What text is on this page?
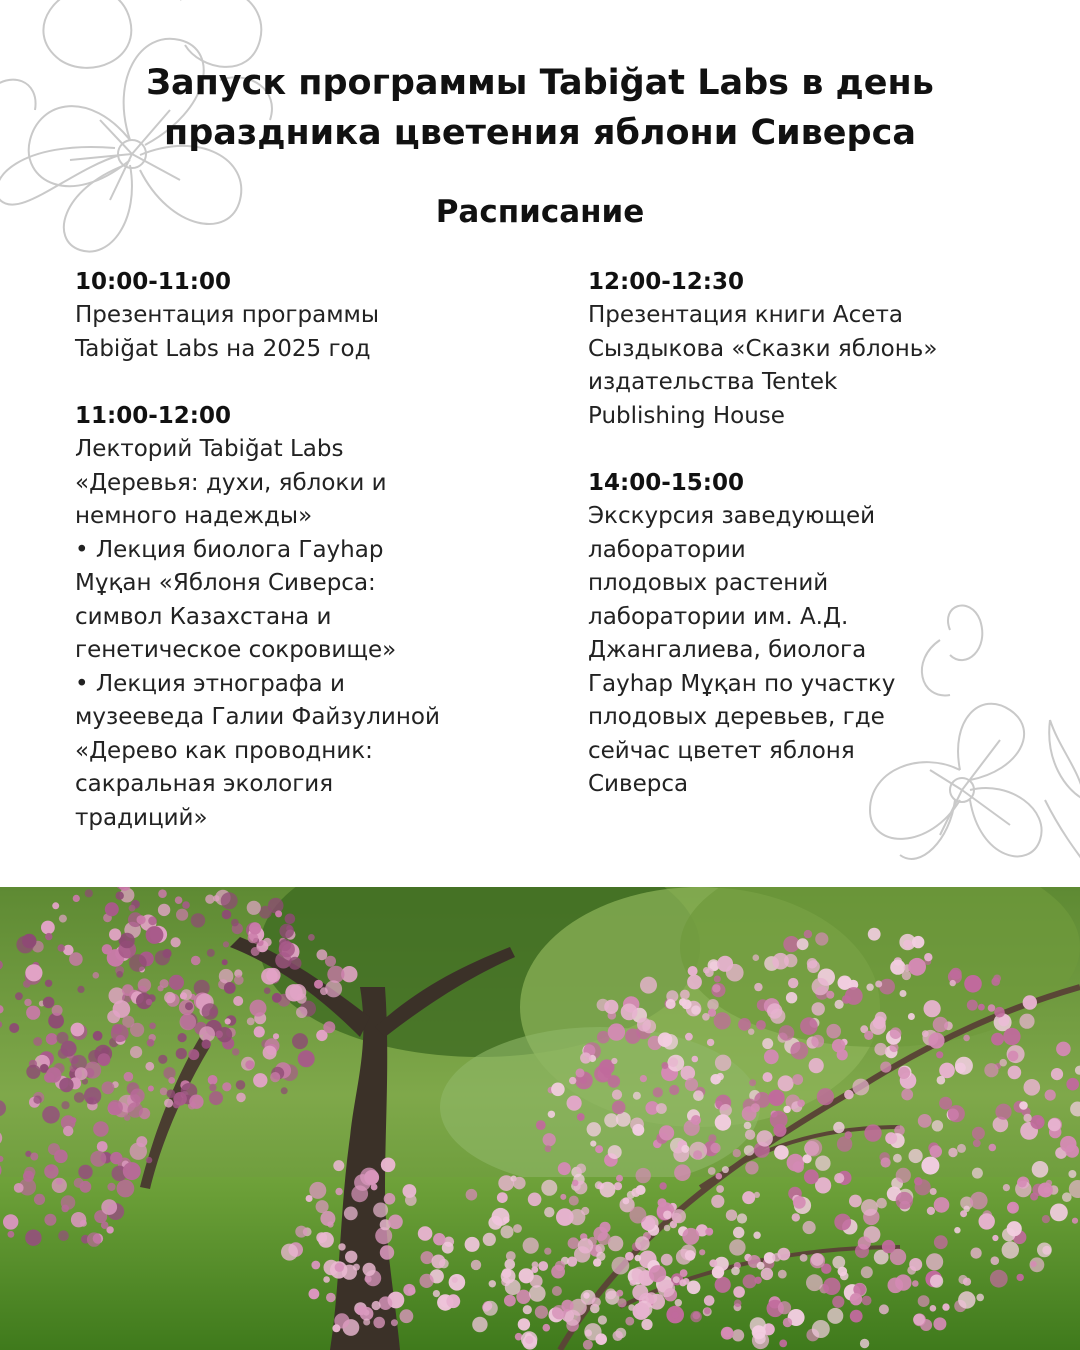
Запуск программы Tabiğat Labs в день
праздника цветения яблони Сиверса
Расписание
10:00-11:00
Презентация программы
Tabiğat Labs на 2025 год
11:00-12:00
Лекторий Tabiğat Labs
«Деревья: духи, яблоки и
немного надежды»
• Лекция биолога Гауһар
Мұқан «Яблоня Сиверса:
символ Казахстана и
генетическое сокровище»
• Лекция этнографа и
музееведа Галии Файзулиной
«Дерево как проводник:
сакральная экология
традиций»
12:00-12:30
Презентация книги Асета
Сыздыкова «Сказки яблонь»
издательства Tentek
Publishing House
14:00-15:00
Экскурсия заведующей
лаборатории
плодовых растений
лаборатории им. А.Д.
Джангалиева, биолога
Гауһар Мұқан по участку
плодовых деревьев, где
сейчас цветет яблоня
Сиверса
